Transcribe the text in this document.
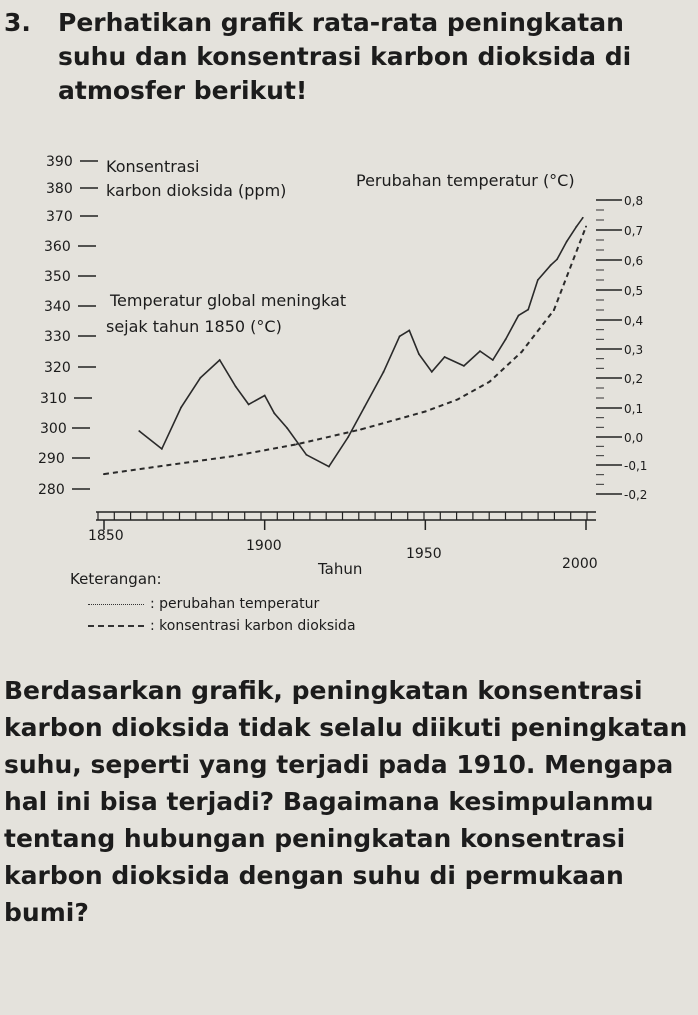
3. Perhatikan grafik rata-rata peningkatan suhu dan konsentrasi karbon dioksida di atmosfer berikut!
Konsentrasi
karbon dioksida (ppm)
Perubahan temperatur (°C)
Temperatur global meningkat
sejak tahun 1850 (°C)
390
380
370
360
350
340
330
320
310
300
290
280
0,8
0,7
0,6
0,5
0,4
0,3
0,2
0,1
0,0
-0,1
-0,2
1850
1900	1950
2000
Tahun
Keterangan:
: perubahan temperatur
: konsentrasi karbon dioksida
Berdasarkan grafik, peningkatan konsentrasi karbon dioksida tidak selalu diikuti peningkatan suhu, seperti yang terjadi pada 1910. Mengapa hal ini bisa terjadi? Bagaimana kesimpulanmu tentang hubungan peningkatan konsentrasi karbon dioksida dengan suhu di permukaan bumi?
